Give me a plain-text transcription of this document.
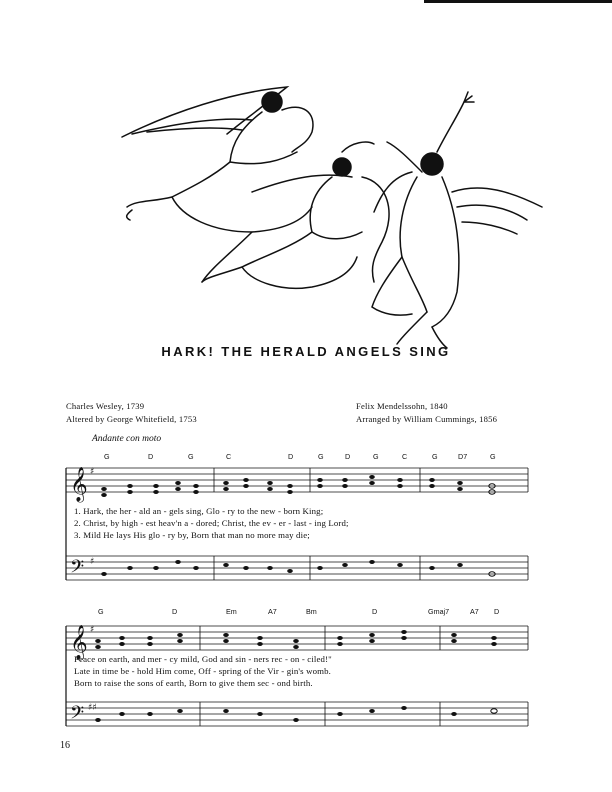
HARK! THE HERALD ANGELS SING
Charles Wesley, 1739
Altered by George Whitefield, 1753
Felix Mendelssohn, 1840
Arranged by William Cummings, 1856
Andante con moto
G	D	G	C	D	G	D	G	C	G	D7	G
1. Hark, the her - ald an - gels sing, Glo - ry to the new - born King;
2. Christ, by high - est heav'n a - dored; Christ, the ev - er - last - ing Lord;
3. Mild He lays His glo - ry by, Born that man no more may die;
G	D	Em	A7	Bm	D	Gmaj7	A7 D
Peace on earth, and mer - cy mild, God and sin - ners rec - on - ciled!"
Late in time be - hold Him come, Off - spring of the Vir - gin's womb.
Born to raise the sons of earth, Born to give them sec - ond birth.
𝄞
𝄢
𝄞
𝄢
♯
♯
♯
♯♯
16
